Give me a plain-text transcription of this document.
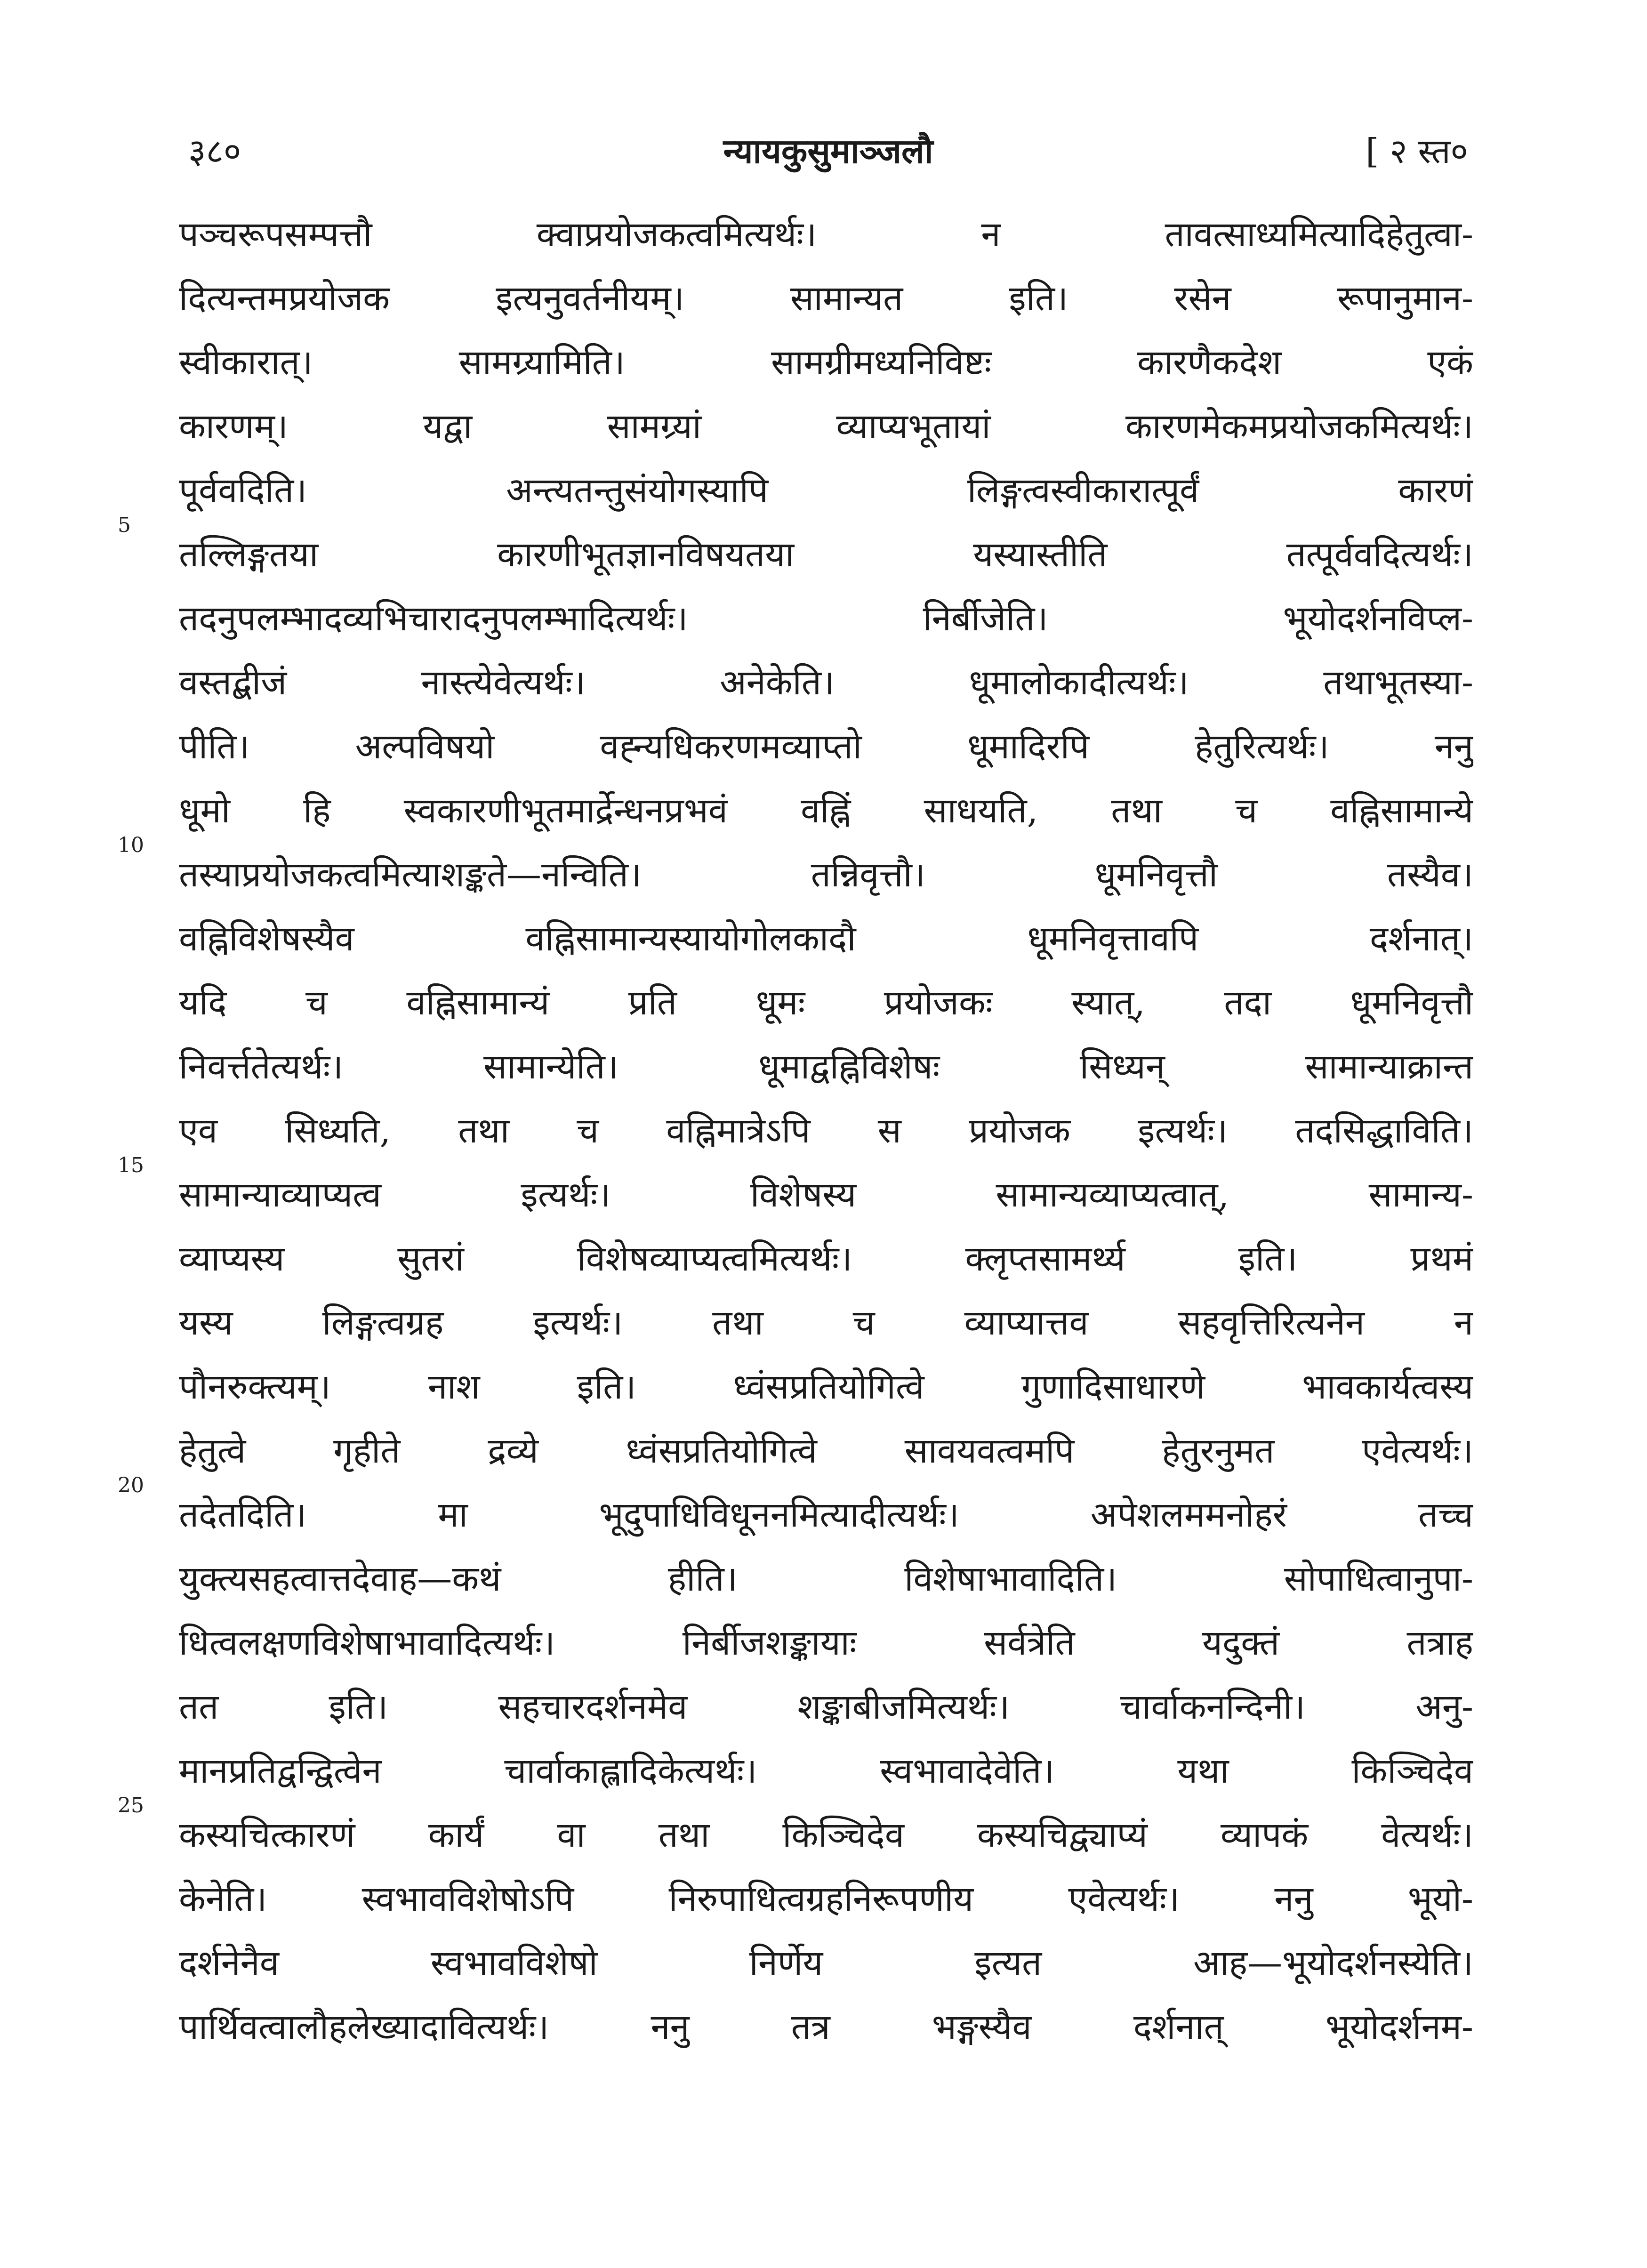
३८०	न्यायकुसुमाञ्जलौ	[ २ स्त०
5
10
15
20
25
पञ्चरूपसम्पत्तौ क्वाप्रयोजकत्वमित्यर्थः। न तावत्साध्यमित्यादिहेतुत्वा-
दित्यन्तमप्रयोजक इत्यनुवर्तनीयम्। सामान्यत इति। रसेन रूपानुमान-
स्वीकारात्। सामग्र्यामिति। सामग्रीमध्यनिविष्टः कारणैकदेश एकं
कारणम्। यद्वा सामग्र्यां व्याप्यभूतायां कारणमेकमप्रयोजकमित्यर्थः।
पूर्ववदिति। अन्त्यतन्तुसंयोगस्यापि लिङ्गत्वस्वीकारात्पूर्वं कारणं
तल्लिङ्गतया कारणीभूतज्ञानविषयतया यस्यास्तीति तत्पूर्ववदित्यर्थः।
तदनुपलम्भादव्यभिचारादनुपलम्भादित्यर्थः। निर्बीजेति। भूयोदर्शनविप्ल-
वस्तद्बीजं नास्त्येवेत्यर्थः। अनेकेति। धूमालोकादीत्यर्थः। तथाभूतस्या-
पीति। अल्पविषयो वह्न्यधिकरणमव्याप्तो धूमादिरपि हेतुरित्यर्थः। ननु
धूमो हि स्वकारणीभूतमार्द्रेन्धनप्रभवं वह्निं साधयति, तथा च वह्निसामान्ये
तस्याप्रयोजकत्वमित्याशङ्कते—नन्विति। तन्निवृत्तौ। धूमनिवृत्तौ तस्यैव।
वह्निविशेषस्यैव वह्निसामान्यस्यायोगोलकादौ धूमनिवृत्तावपि दर्शनात्।
यदि च वह्निसामान्यं प्रति धूमः प्रयोजकः स्यात्, तदा धूमनिवृत्तौ
निवर्त्ततेत्यर्थः। सामान्येति। धूमाद्वह्निविशेषः सिध्यन् सामान्याक्रान्त
एव सिध्यति, तथा च वह्निमात्रेऽपि स प्रयोजक इत्यर्थः। तदसिद्धाविति।
सामान्याव्याप्यत्व इत्यर्थः। विशेषस्य सामान्यव्याप्यत्वात्, सामान्य-
व्याप्यस्य सुतरां विशेषव्याप्यत्वमित्यर्थः। क्लृप्तसामर्थ्य इति। प्रथमं
यस्य लिङ्गत्वग्रह इत्यर्थः। तथा च व्याप्यात्तव सहवृत्तिरित्यनेन न
पौनरुक्त्यम्। नाश इति। ध्वंसप्रतियोगित्वे गुणादिसाधारणे भावकार्यत्वस्य
हेतुत्वे गृहीते द्रव्ये ध्वंसप्रतियोगित्वे सावयवत्वमपि हेतुरनुमत एवेत्यर्थः।
तदेतदिति। मा भूदुपाधिविधूननमित्यादीत्यर्थः। अपेशलममनोहरं तच्च
युक्त्यसहत्वात्तदेवाह—कथं हीति। विशेषाभावादिति। सोपाधित्वानुपा-
धित्वलक्षणविशेषाभावादित्यर्थः। निर्बीजशङ्कायाः सर्वत्रेति यदुक्तं तत्राह
तत इति। सहचारदर्शनमेव शङ्काबीजमित्यर्थः। चार्वाकनन्दिनी। अनु-
मानप्रतिद्वन्द्वित्वेन चार्वाकाह्लादिकेत्यर्थः। स्वभावादेवेति। यथा किञ्चिदेव
कस्यचित्कारणं कार्यं वा तथा किञ्चिदेव कस्यचिद्व्याप्यं व्यापकं वेत्यर्थः।
केनेति। स्वभावविशेषोऽपि निरुपाधित्वग्रहनिरूपणीय एवेत्यर्थः। ननु भूयो-
दर्शनेनैव स्वभावविशेषो निर्णेय इत्यत आह—भूयोदर्शनस्येति।
पार्थिवत्वालौहलेख्यादावित्यर्थः। ननु तत्र भङ्गस्यैव दर्शनात् भूयोदर्शनम-
